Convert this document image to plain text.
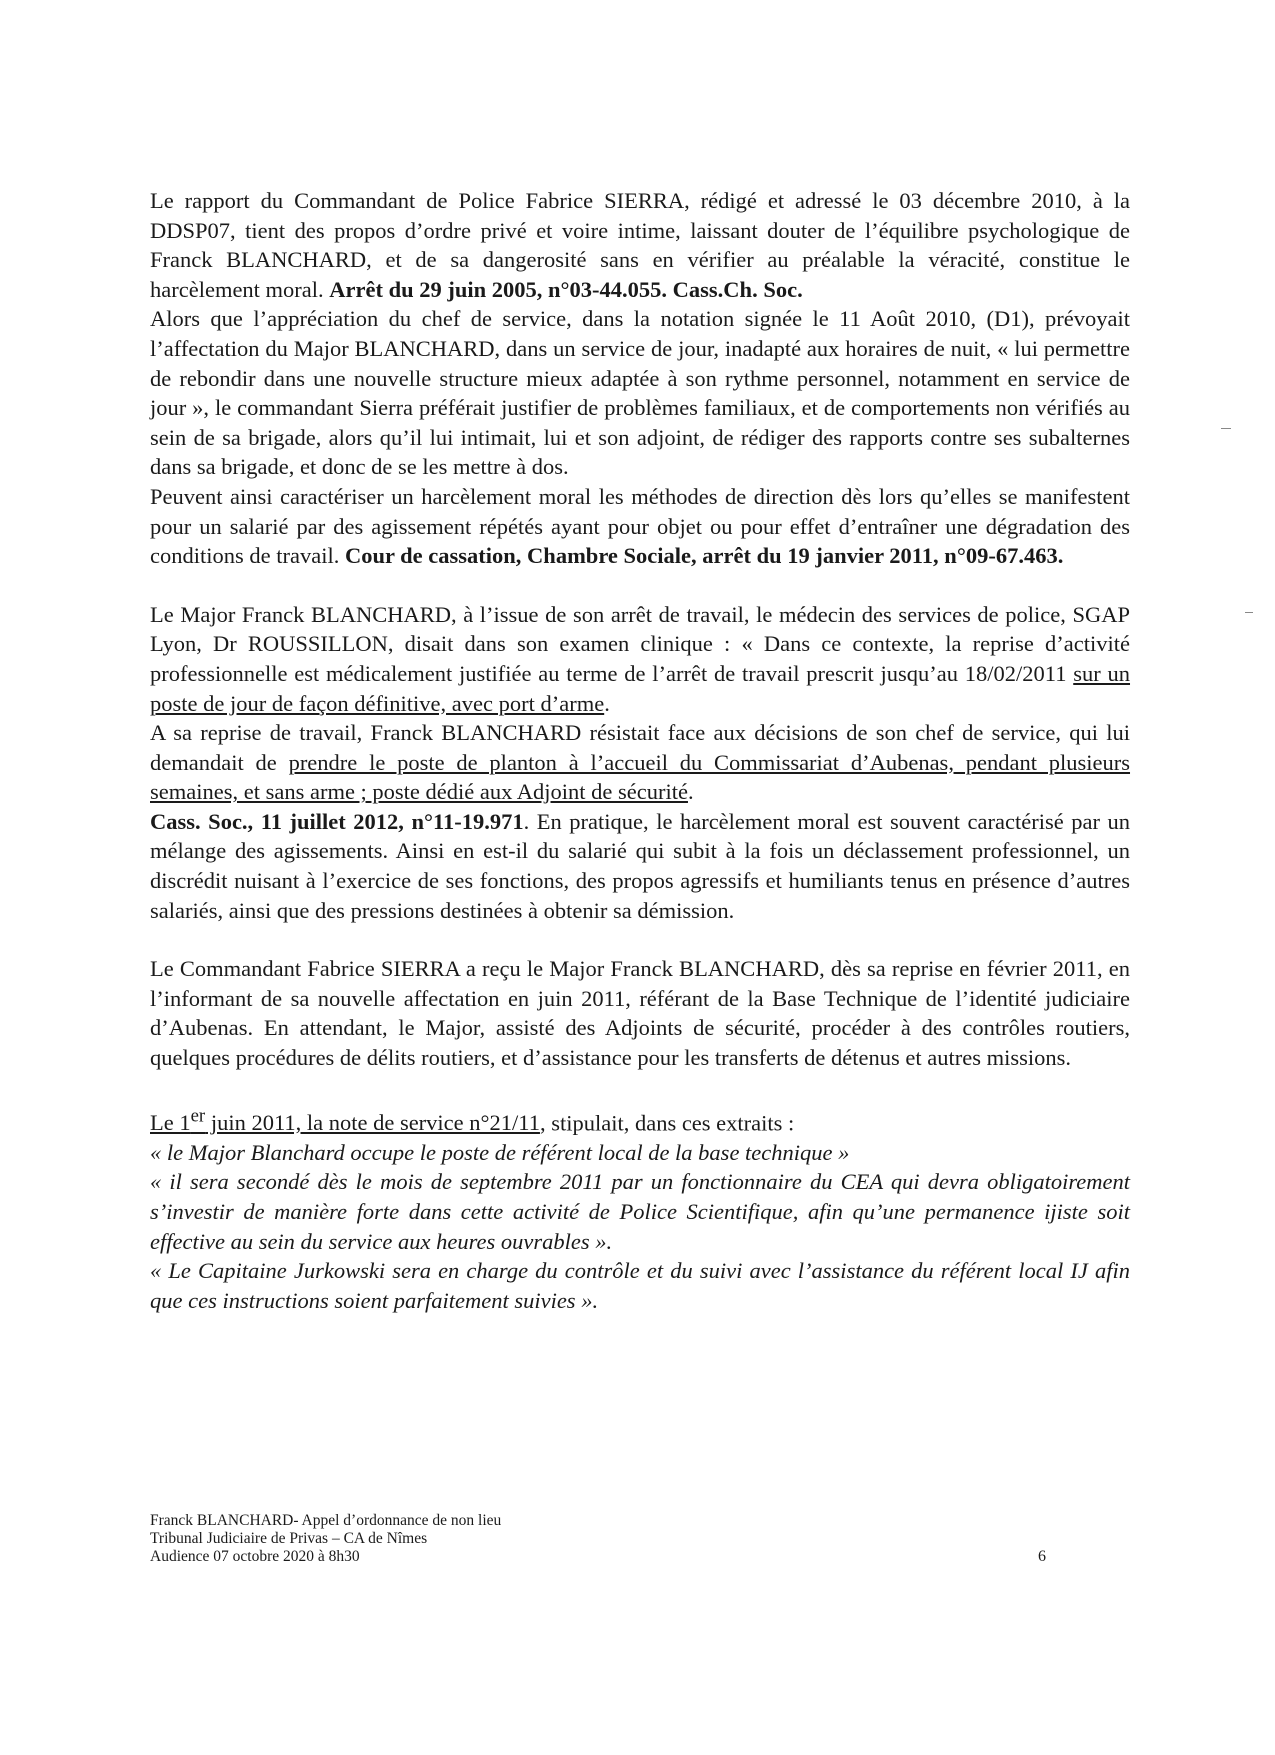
Le rapport du Commandant de Police Fabrice SIERRA, rédigé et adressé le 03 décembre 2010, à la DDSP07, tient des propos d’ordre privé et voire intime, laissant douter de l’équilibre psychologique de Franck BLANCHARD, et de sa dangerosité sans en vérifier au préalable la véracité, constitue le harcèlement moral. Arrêt du 29 juin 2005, n°03-44.055. Cass.Ch. Soc.

Alors que l’appréciation du chef de service, dans la notation signée le 11 Août 2010, (D1), prévoyait l’affectation du Major BLANCHARD, dans un service de jour, inadapté aux horaires de nuit, « lui permettre de rebondir dans une nouvelle structure mieux adaptée à son rythme personnel, notamment en service de jour », le commandant Sierra préférait justifier de problèmes familiaux, et de comportements non vérifiés au sein de sa brigade, alors qu’il lui intimait, lui et son adjoint, de rédiger des rapports contre ses subalternes dans sa brigade, et donc de se les mettre à dos.

Peuvent ainsi caractériser un harcèlement moral les méthodes de direction dès lors qu’elles se manifestent pour un salarié par des agissement répétés ayant pour objet ou pour effet d’entraîner une dégradation des conditions de travail. Cour de cassation, Chambre Sociale, arrêt du 19 janvier 2011, n°09-67.463.

Le Major Franck BLANCHARD, à l’issue de son arrêt de travail, le médecin des services de police, SGAP Lyon, Dr ROUSSILLON, disait dans son examen clinique : « Dans ce contexte, la reprise d’activité professionnelle est médicalement justifiée au terme de l’arrêt de travail prescrit jusqu’au 18/02/2011 sur un poste de jour de façon définitive, avec port d’arme.

A sa reprise de travail, Franck BLANCHARD résistait face aux décisions de son chef de service, qui lui demandait de prendre le poste de planton à l’accueil du Commissariat d’Aubenas, pendant plusieurs semaines, et sans arme ; poste dédié aux Adjoint de sécurité.

Cass. Soc., 11 juillet 2012, n°11-19.971. En pratique, le harcèlement moral est souvent caractérisé par un mélange des agissements. Ainsi en est-il du salarié qui subit à la fois un déclassement professionnel, un discrédit nuisant à l’exercice de ses fonctions, des propos agressifs et humiliants tenus en présence d’autres salariés, ainsi que des pressions destinées à obtenir sa démission.

Le Commandant Fabrice SIERRA a reçu le Major Franck BLANCHARD, dès sa reprise en février 2011, en l’informant de sa nouvelle affectation en juin 2011, référant de la Base Technique de l’identité judiciaire d’Aubenas. En attendant, le Major, assisté des Adjoints de sécurité, procéder à des contrôles routiers, quelques procédures de délits routiers, et d’assistance pour les transferts de détenus et autres missions.

Le 1er juin 2011, la note de service n°21/11, stipulait, dans ces extraits :

« le Major Blanchard occupe le poste de référent local de la base technique »

« il sera secondé dès le mois de septembre 2011 par un fonctionnaire du CEA qui devra obligatoirement s’investir de manière forte dans cette activité de Police Scientifique, afin qu’une permanence ijiste soit effective au sein du service aux heures ouvrables ».

« Le Capitaine Jurkowski sera en charge du contrôle et du suivi avec l’assistance du référent local IJ afin que ces instructions soient parfaitement suivies ».

Franck BLANCHARD- Appel d’ordonnance de non lieu
Tribunal Judiciaire de Privas – CA de Nîmes
Audience 07 octobre 2020 à 8h30	6
